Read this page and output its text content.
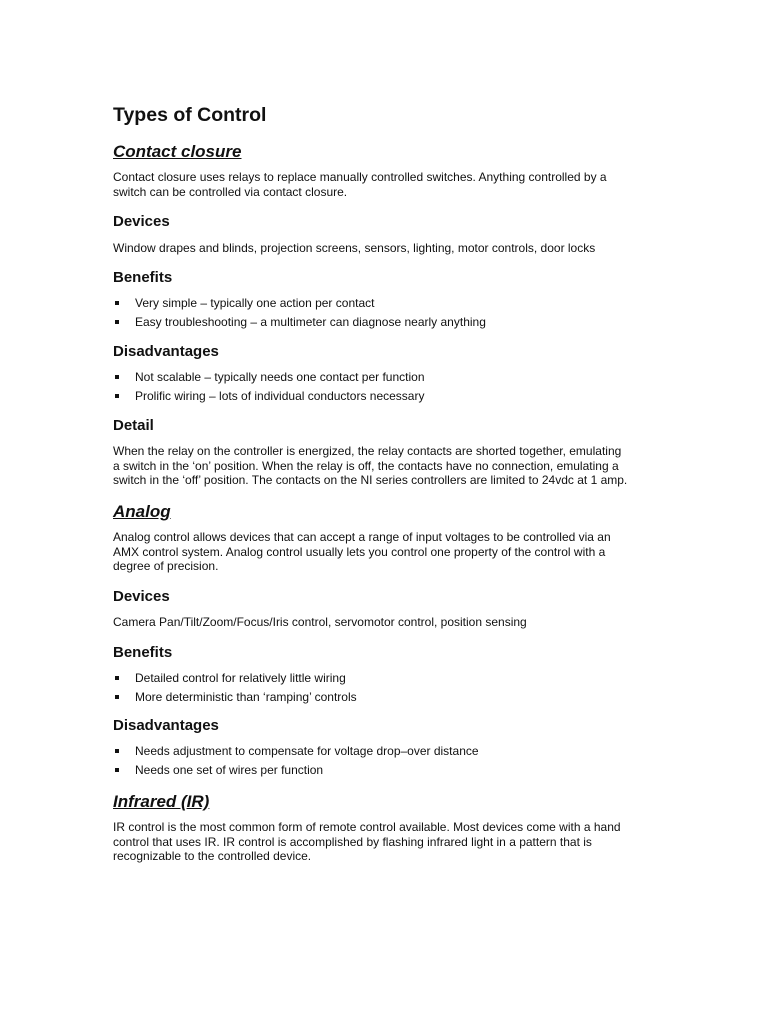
Types of Control
Contact closure

Contact closure uses relays to replace manually controlled switches. Anything controlled by a
switch can be controlled via contact closure.

Devices

Window drapes and blinds, projection screens, sensors, lighting, motor controls, door locks

Benefits
Very simple – typically one action per contact
Easy troubleshooting – a multimeter can diagnose nearly anything
Disadvantages
Not scalable – typically needs one contact per function
Prolific wiring – lots of individual conductors necessary
Detail

When the relay on the controller is energized, the relay contacts are shorted together, emulating
a switch in the ‘on’ position. When the relay is off, the contacts have no connection, emulating a
switch in the ‘off’ position. The contacts on the NI series controllers are limited to 24vdc at 1 amp.

Analog

Analog control allows devices that can accept a range of input voltages to be controlled via an
AMX control system. Analog control usually lets you control one property of the control with a
degree of precision.

Devices

Camera Pan/Tilt/Zoom/Focus/Iris control, servomotor control, position sensing

Benefits
Detailed control for relatively little wiring
More deterministic than ‘ramping’ controls
Disadvantages
Needs adjustment to compensate for voltage drop–over distance
Needs one set of wires per function
Infrared (IR)

IR control is the most common form of remote control available. Most devices come with a hand
control that uses IR. IR control is accomplished by flashing infrared light in a pattern that is
recognizable to the controlled device.
